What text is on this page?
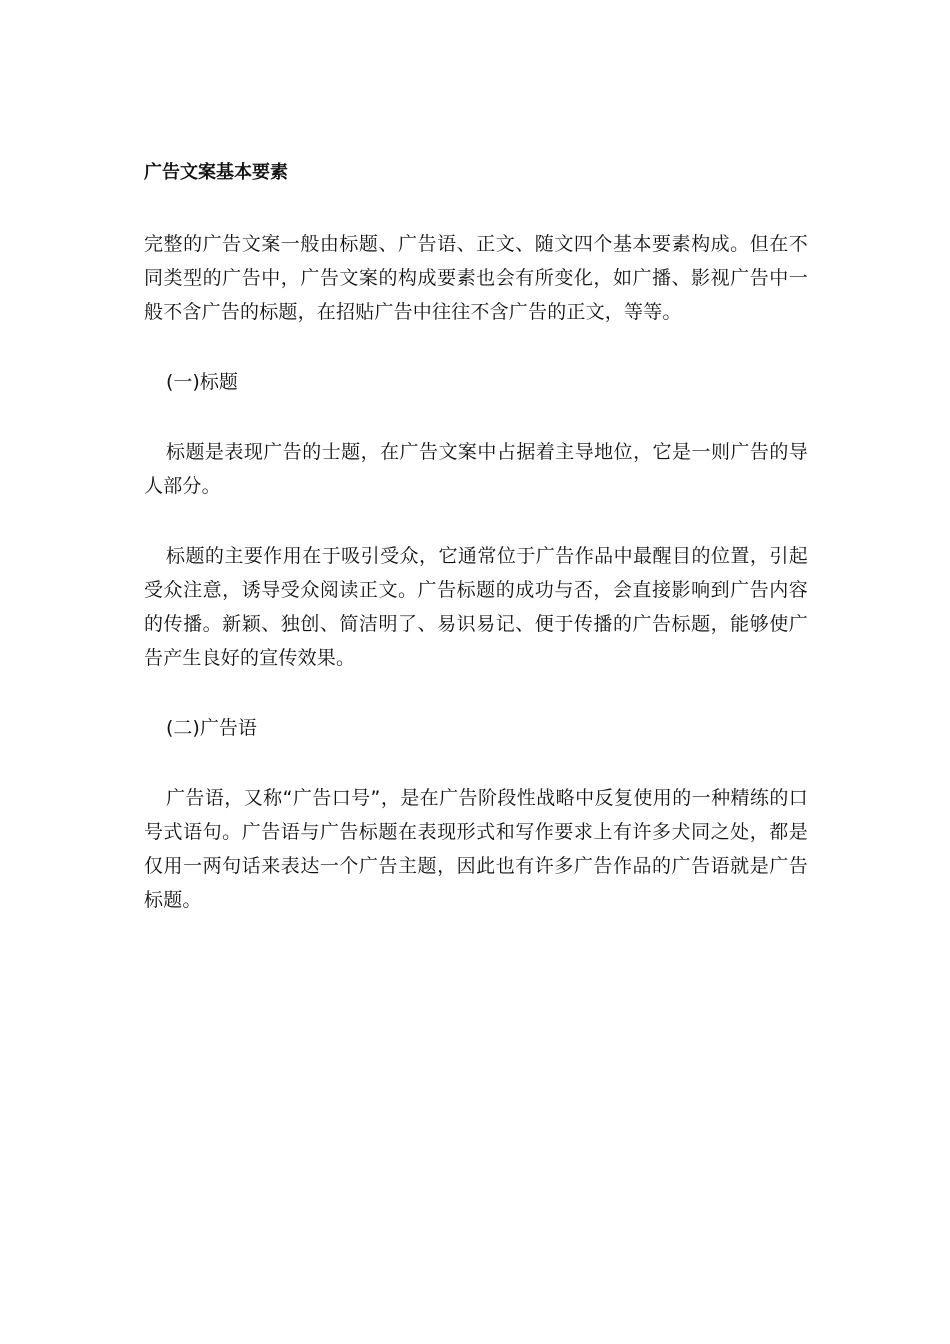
广告文案基本要素

完整的广告文案一般由标题、广告语、正文、随文四个基本要素构成。但在不同类型的广告中，广告文案的构成要素也会有所变化，如广播、影视广告中一般不含广告的标题，在招贴广告中往往不含广告的正文，等等。

(一)标题

标题是表现广告的士题，在广告文案中占据着主导地位，它是一则广告的导人部分。

标题的主要作用在于吸引受众，它通常位于广告作品中最醒目的位置，引起受众注意，诱导受众阅读正文。广告标题的成功与否，会直接影响到广告内容的传播。新颖、独创、简洁明了、易识易记、便于传播的广告标题，能够使广告产生良好的宣传效果。

(二)广告语

广告语，又称“广告口号”，是在广告阶段性战略中反复使用的一种精练的口号式语句。广告语与广告标题在表现形式和写作要求上有许多犬同之处，都是仅用一两句话来表达一个广告主题，因此也有许多广告作品的广告语就是广告标题。
